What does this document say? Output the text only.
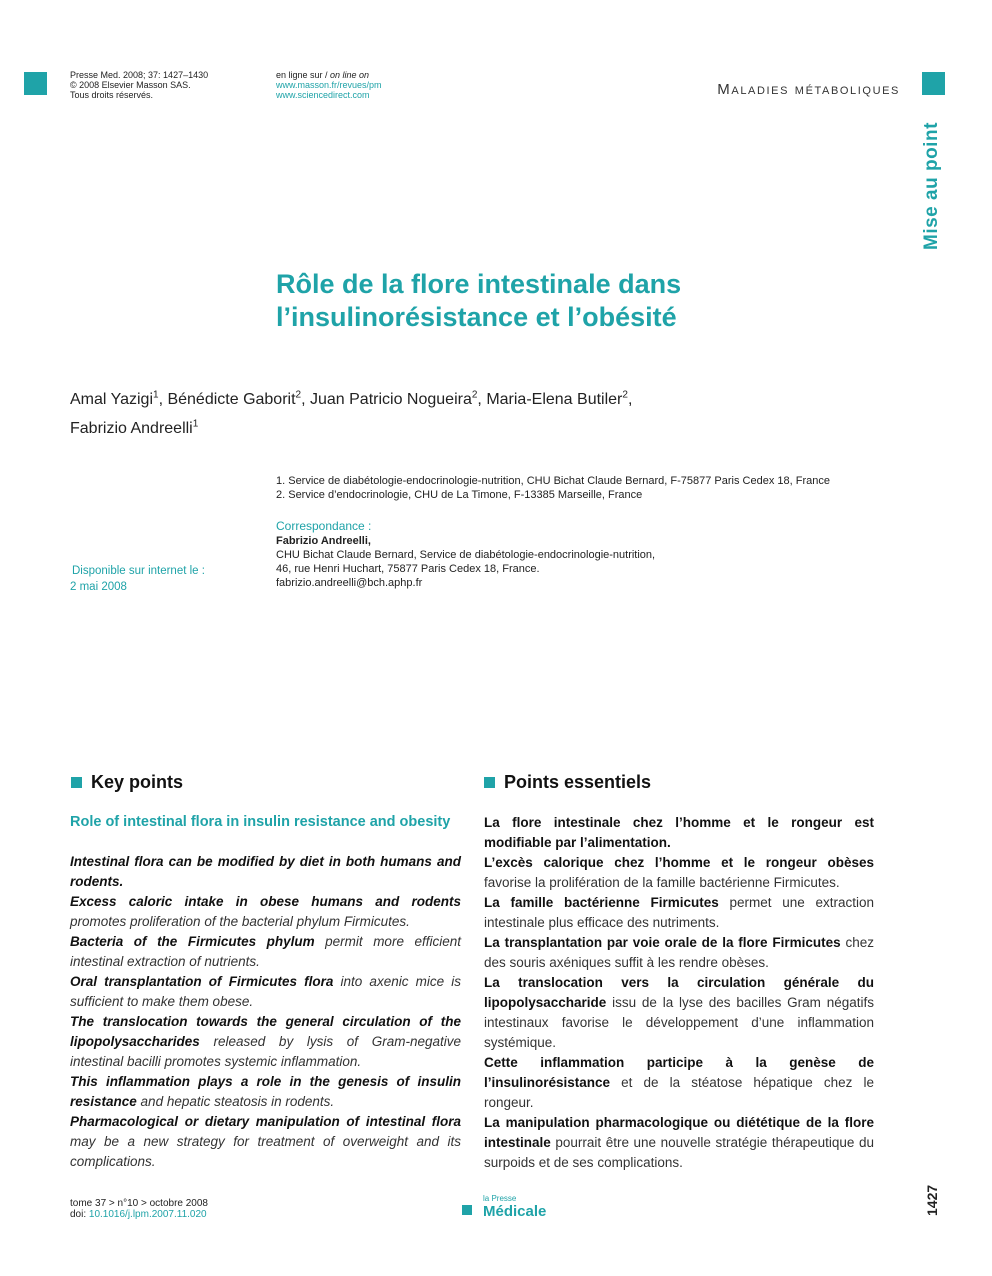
Presse Med. 2008; 37: 1427–1430
© 2008 Elsevier Masson SAS.
Tous droits réservés.
en ligne sur / on line on
www.masson.fr/revues/pm
www.sciencedirect.com	Maladies métaboliques
Mise au point
Rôle de la flore intestinale dans
l’insulinorésistance et l’obésité
Amal Yazigi$^1$, Bénédicte Gaborit$^2$, Juan Patricio Nogueira$^2$, Maria-Elena Butiler$^2$,
Fabrizio Andreelli$^1$
1. Service de diabétologie-endocrinologie-nutrition, CHU Bichat Claude Bernard, F-75877 Paris Cedex 18, France
2. Service d’endocrinologie, CHU de La Timone, F-13385 Marseille, France
Correspondance :
Fabrizio Andreelli,
CHU Bichat Claude Bernard, Service de diabétologie-endocrinologie-nutrition,
46, rue Henri Huchart, 75877 Paris Cedex 18, France.
fabrizio.andreelli@bch.aphp.fr
Disponible sur internet le :
2 mai 2008
Key points
Role of intestinal flora in insulin resistance and obesity

Intestinal flora can be modified by diet in both humans and rodents.

Excess caloric intake in obese humans and rodents promotes proliferation of the bacterial phylum Firmicutes.

Bacteria of the Firmicutes phylum permit more efficient intestinal extraction of nutrients.

Oral transplantation of Firmicutes flora into axenic mice is sufficient to make them obese.

The translocation towards the general circulation of the lipopolysaccharides released by lysis of Gram-negative intestinal bacilli promotes systemic inflammation.

This inflammation plays a role in the genesis of insulin resistance and hepatic steatosis in rodents.

Pharmacological or dietary manipulation of intestinal flora may be a new strategy for treatment of overweight and its complications.

Points essentiels

La flore intestinale chez l’homme et le rongeur est modifiable par l’alimentation.

L’excès calorique chez l’homme et le rongeur obèses favorise la prolifération de la famille bactérienne Firmicutes.

La famille bactérienne Firmicutes permet une extraction intestinale plus efficace des nutriments.

La transplantation par voie orale de la flore Firmicutes chez des souris axéniques suffit à les rendre obèses.

La translocation vers la circulation générale du lipopolysaccharide issu de la lyse des bacilles Gram négatifs intestinaux favorise le développement d’une inflammation systémique.

Cette inflammation participe à la genèse de l’insulinorésistance et de la stéatose hépatique chez le rongeur.

La manipulation pharmacologique ou diététique de la flore intestinale pourrait être une nouvelle stratégie thérapeutique du surpoids et de ses complications.

tome 37 > n°10 > octobre 2008
doi: 10.1016/j.lpm.2007.11.020
la Presse
Médicale	1427
